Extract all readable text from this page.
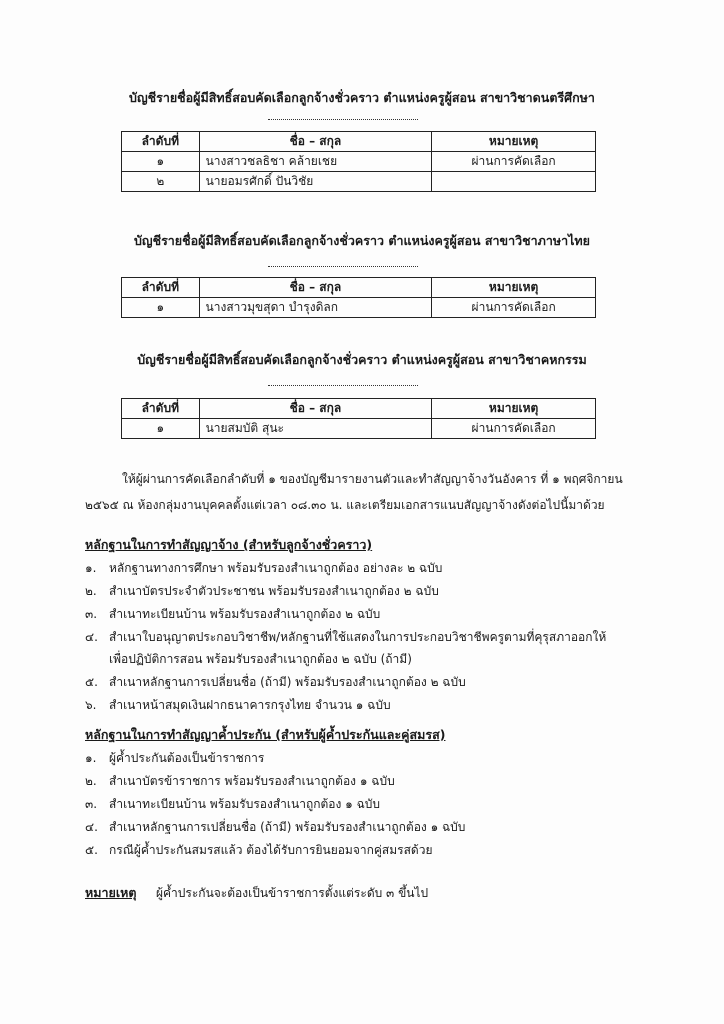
บัญชีรายชื่อผู้มีสิทธิ์สอบคัดเลือกลูกจ้างชั่วคราว ตำแหน่งครูผู้สอน สาขาวิชาดนตรีศึกษา
ลำดับที่	ชื่อ – สกุล	หมายเหตุ
๑	นางสาวชลธิชา คล้ายเชย	ผ่านการคัดเลือก
๒	นายอมรศักดิ์ ปันวิชัย	
บัญชีรายชื่อผู้มีสิทธิ์สอบคัดเลือกลูกจ้างชั่วคราว ตำแหน่งครูผู้สอน สาขาวิชาภาษาไทย
ลำดับที่	ชื่อ – สกุล	หมายเหตุ
๑	นางสาวมุขสุดา บำรุงดิลก	ผ่านการคัดเลือก
บัญชีรายชื่อผู้มีสิทธิ์สอบคัดเลือกลูกจ้างชั่วคราว ตำแหน่งครูผู้สอน สาขาวิชาคหกรรม
ลำดับที่	ชื่อ – สกุล	หมายเหตุ
๑	นายสมบัติ สุนะ	ผ่านการคัดเลือก
ให้ผู้ผ่านการคัดเลือกลำดับที่ ๑ ของบัญชีมารายงานตัวและทำสัญญาจ้างวันอังคาร ที่ ๑ พฤศจิกายน
๒๕๖๕ ณ ห้องกลุ่มงานบุคคลตั้งแต่เวลา ๐๘.๓๐ น. และเตรียมเอกสารแนบสัญญาจ้างดังต่อไปนี้มาด้วย
หลักฐานในการทำสัญญาจ้าง (สำหรับลูกจ้างชั่วคราว)
๑. หลักฐานทางการศึกษา พร้อมรับรองสำเนาถูกต้อง อย่างละ ๒ ฉบับ
๒. สำเนาบัตรประจำตัวประชาชน พร้อมรับรองสำเนาถูกต้อง ๒ ฉบับ
๓. สำเนาทะเบียนบ้าน พร้อมรับรองสำเนาถูกต้อง ๒ ฉบับ
๔. สำเนาใบอนุญาตประกอบวิชาชีพ/หลักฐานที่ใช้แสดงในการประกอบวิชาชีพครูตามที่คุรุสภาออกให้
เพื่อปฏิบัติการสอน พร้อมรับรองสำเนาถูกต้อง ๒ ฉบับ (ถ้ามี)
๕. สำเนาหลักฐานการเปลี่ยนชื่อ (ถ้ามี) พร้อมรับรองสำเนาถูกต้อง ๒ ฉบับ
๖. สำเนาหน้าสมุดเงินฝากธนาคารกรุงไทย จำนวน ๑ ฉบับ
หลักฐานในการทำสัญญาค้ำประกัน (สำหรับผู้ค้ำประกันและคู่สมรส)
๑. ผู้ค้ำประกันต้องเป็นข้าราชการ
๒. สำเนาบัตรข้าราชการ พร้อมรับรองสำเนาถูกต้อง ๑ ฉบับ
๓. สำเนาทะเบียนบ้าน พร้อมรับรองสำเนาถูกต้อง ๑ ฉบับ
๔. สำเนาหลักฐานการเปลี่ยนชื่อ (ถ้ามี) พร้อมรับรองสำเนาถูกต้อง ๑ ฉบับ
๕. กรณีผู้ค้ำประกันสมรสแล้ว ต้องได้รับการยินยอมจากคู่สมรสด้วย
หมายเหตุ ผู้ค้ำประกันจะต้องเป็นข้าราชการตั้งแต่ระดับ ๓ ขึ้นไป
